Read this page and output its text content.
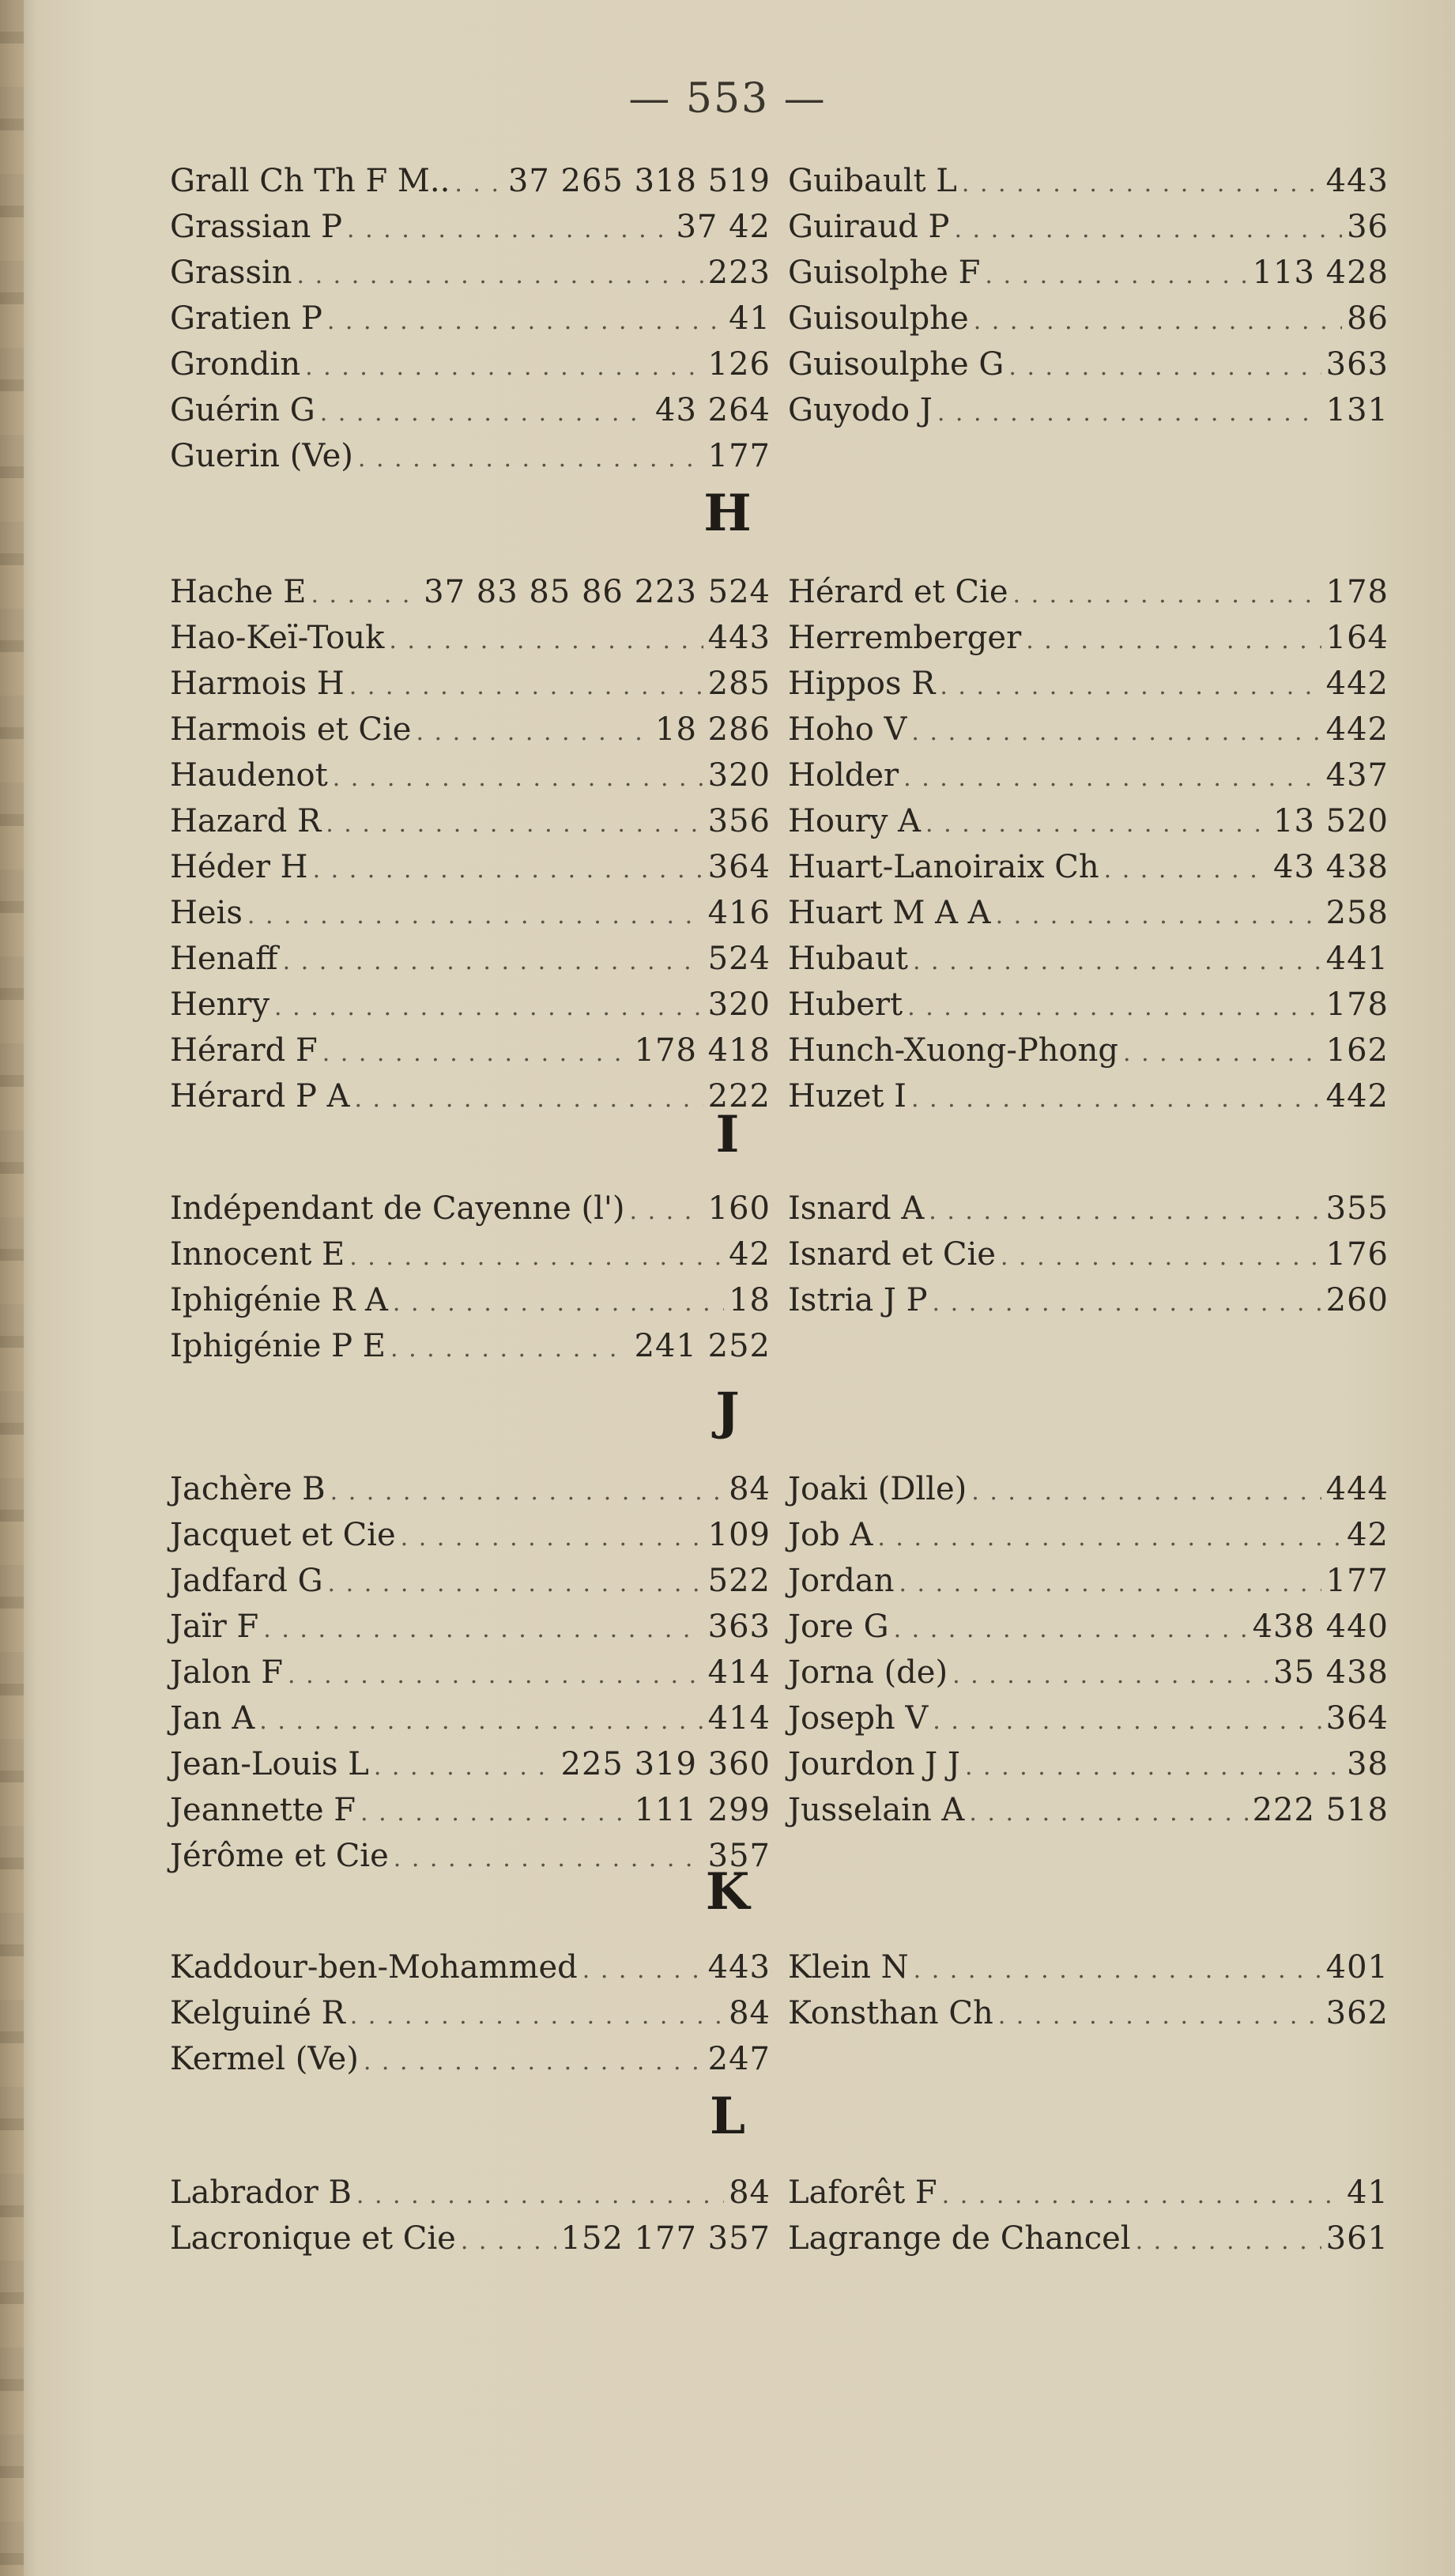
— 553 —
Grall Ch Th F M.. . . . 37 265 318 519
Grassian P . . .	37 42
Grassin . . .	223
Gratien P . . .	41
Grondin . . .	126
Guérin G . . .	43 264
Guerin (Ve) . . .	177
Guibault L . . .	443
Guiraud P . . .	36
Guisolphe F . . .	113 428
Guisoulphe . . .	86
Guisoulphe G . . .	363
Guyodo J . . .	131
H
Hache E . . .	37 83 85 86 223 524
Hao-Keï-Touk . . .	443
Harmois H . . .	285
Harmois et Cie . . .	18 286
Haudenot . . .	320
Hazard R . . .	356
Héder H . . .	364
Heis . . .	416
Henaff . . .	524
Henry . . .	320
Hérard F . . .	178 418
Hérard P A . . .	222
Hérard et Cie . . .	178
Herremberger . . .	164
Hippos R . . .	442
Hoho V . . .	442
Holder . . .	437
Houry A . . .	13 520
Huart-Lanoiraix Ch . . .	43 438
Huart M A A . . .	258
Hubaut . . .	441
Hubert . . .	178
Hunch-Xuong-Phong . . .	162
Huzet I . . .	442
I
Indépendant de Cayenne (l') . . .	160
Innocent E . . .	42
Iphigénie R A . . .	18
Iphigénie P E . . .	241 252
Isnard A . . .	355
Isnard et Cie . . .	176
Istria J P . . .	260
J
Jachère B . . .	84
Jacquet et Cie . . .	109
Jadfard G . . .	522
Jaïr F . . .	363
Jalon F . . .	414
Jan A . . .	414
Jean-Louis L . . .	225 319 360
Jeannette F . . .	111 299
Jérôme et Cie . . .	357
Joaki (Dlle) . . .	444
Job A . . .	42
Jordan . . .	177
Jore G . . .	438 440
Jorna (de) . . .	35 438
Joseph V . . .	364
Jourdon J J . . .	38
Jusselain A . . .	222 518
K
Kaddour-ben-Mohammed . . .	443
Kelguiné R . . .	84
Kermel (Ve) . . .	247
Klein N . . .	401
Konsthan Ch . . .	362
L
Labrador B . . .	84
Lacronique et Cie . . .	152 177 357
Laforêt F . . .	41
Lagrange de Chancel . . .	361
